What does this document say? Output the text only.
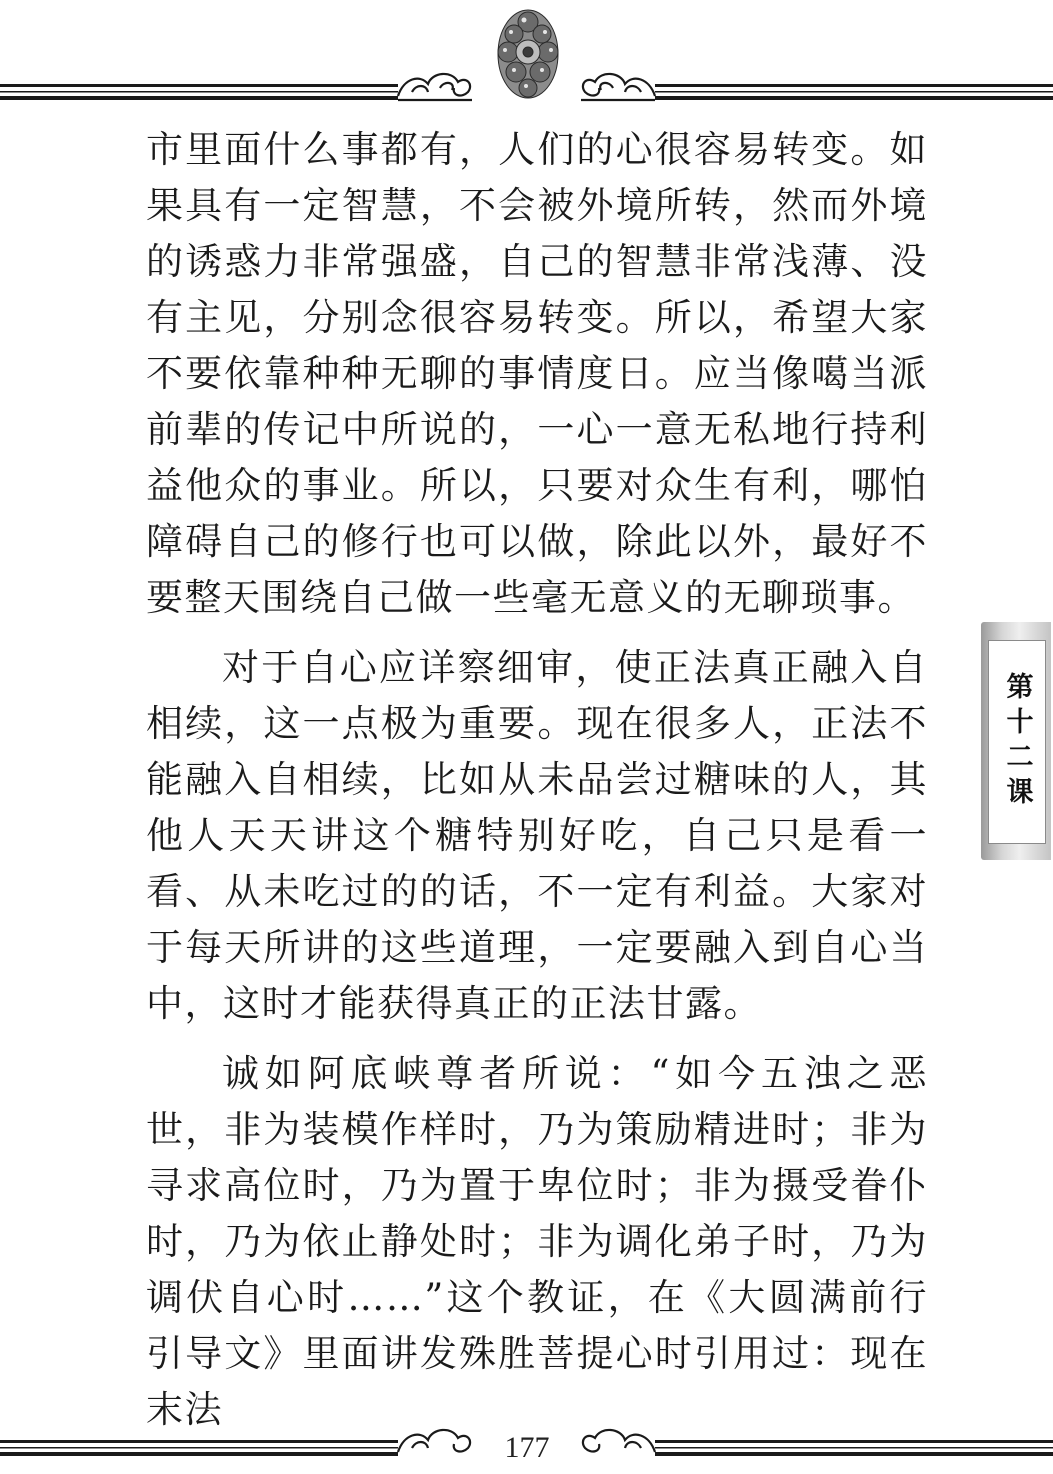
市里面什么事都有，人们的心很容易转变。如果具有一定智慧，不会被外境所转，然而外境的诱惑力非常强盛，自己的智慧非常浅薄、没有主见，分别念很容易转变。所以，希望大家不要依靠种种无聊的事情度日。应当像噶当派前辈的传记中所说的，一心一意无私地行持利益他众的事业。所以，只要对众生有利，哪怕障碍自己的修行也可以做，除此以外，最好不要整天围绕自己做一些毫无意义的无聊琐事。

对于自心应详察细审，使正法真正融入自相续，这一点极为重要。现在很多人，正法不能融入自相续，比如从未品尝过糖味的人，其他人天天讲这个糖特别好吃，自己只是看一看、从未吃过的的话，不一定有利益。大家对于每天所讲的这些道理，一定要融入到自心当中，这时才能获得真正的正法甘露。

诚如阿底峡尊者所说：“如今五浊之恶世，非为装模作样时，乃为策励精进时；非为寻求高位时，乃为置于卑位时；非为摄受眷仆时，乃为依止静处时；非为调化弟子时，乃为调伏自心时……”这个教证，在《大圆满前行引导文》里面讲发殊胜菩提心时引用过：现在末法

第十二课
177
